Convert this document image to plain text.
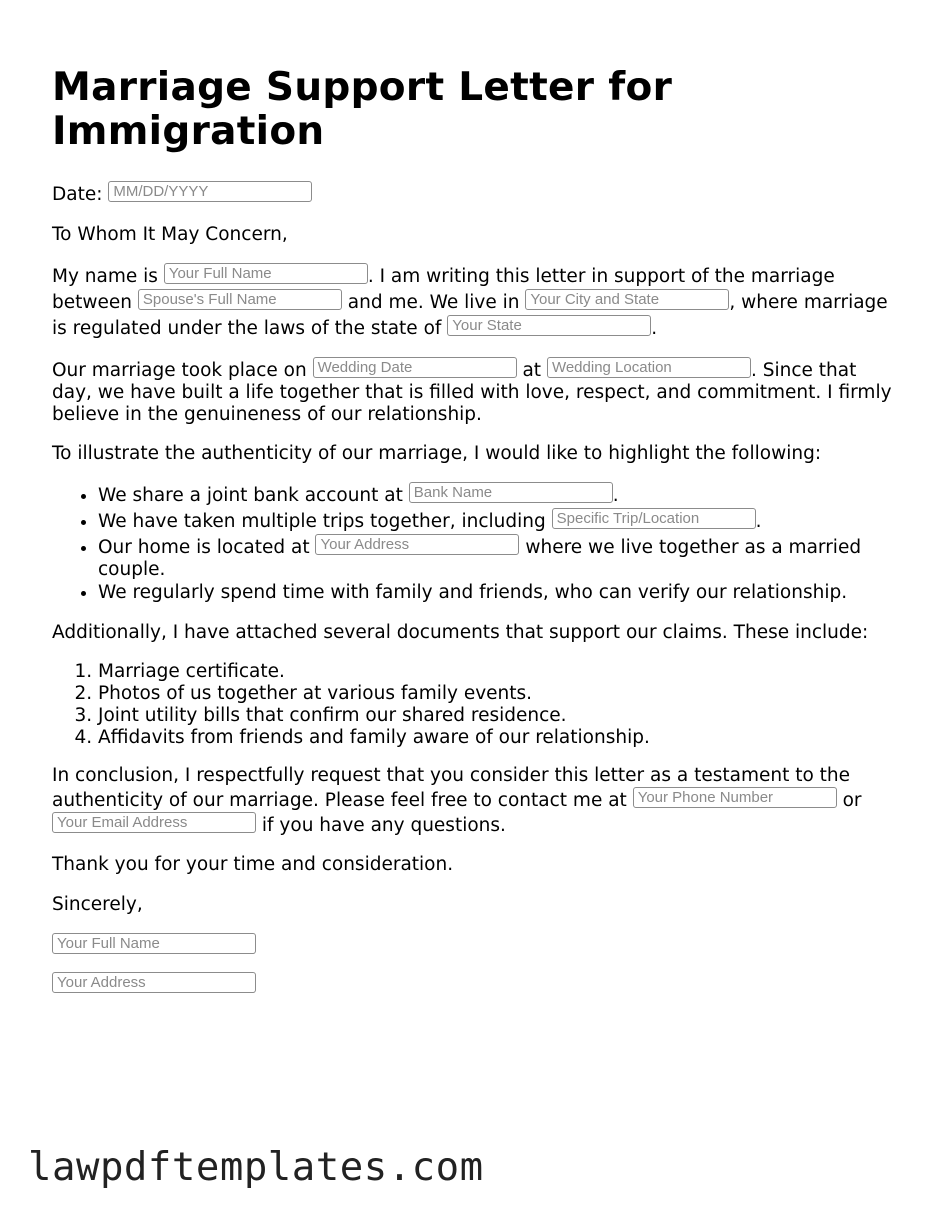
Marriage Support Letter for Immigration

Date: MM/DD/YYYY

To Whom It May Concern,

My name is Your Full Name	. I am writing this letter in support of the marriage between Spouse's Full Name	and me. We live in Your City and State	, where marriage is regulated under the laws of the state of Your State	.

Our marriage took place on Wedding Date	at Wedding Location	. Since that day, we have built a life together that is filled with love, respect, and commitment. I firmly believe in the genuineness of our relationship.

To illustrate the authenticity of our marriage, I would like to highlight the following:

• We share a joint bank account at Bank Name	.
• We have taken multiple trips together, including Specific Trip/Location	.
• Our home is located at Your Address	where we live together as a married couple.
• We regularly spend time with family and friends, who can verify our relationship.

Additionally, I have attached several documents that support our claims. These include:

1. Marriage certificate.
2. Photos of us together at various family events.
3. Joint utility bills that confirm our shared residence.
4. Affidavits from friends and family aware of our relationship.

In conclusion, I respectfully request that you consider this letter as a testament to the authenticity of our marriage. Please feel free to contact me at Your Phone Number	or Your Email Address	if you have any questions.

Thank you for your time and consideration.

Sincerely,

Your Full Name
Your Address
lawpdftemplates.com
